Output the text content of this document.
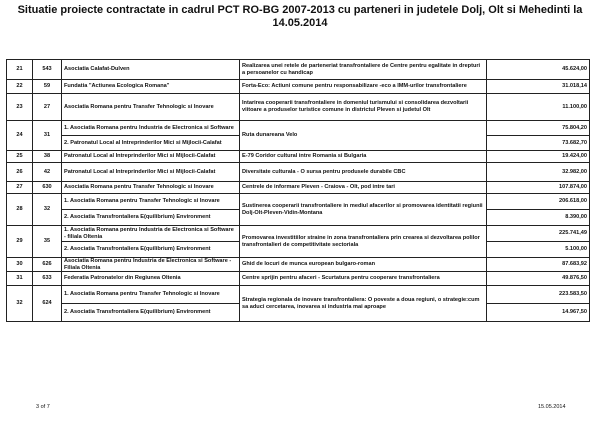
Situatie proiecte contractate in cadrul PCT RO-BG 2007-2013 cu parteneri in judetele Dolj, Olt si Mehedinti la 14.05.2014
21	543	Asociatia Calafat-Dulven	Realizarea unei retele de parteneriat transfrontaliere de Centre pentru egalitate in drepturi a persoanelor cu handicap	45.624,00
22	59	Fundatia "Actiunea Ecologica Romana"	Forta-Eco: Actiuni comune pentru responsabilizare -eco a IMM-urilor transfrontaliere	31.018,14
23	27	Asociatia Romana pentru Transfer Tehnologic si Inovare	Intarirea cooperarii transfrontaliere in domeniul turismului si consolidarea dezvoltarii viitoare a produselor turistice comune in districtul Pleven si judetul Olt	11.100,00
24	31	1. Asociatia Romana pentru Industria de Electronica si Software	Ruta dunareana Velo	75.804,20
		2. Patronatul Local al Intreprinderilor Mici si Mijlocii-Calafat		73.682,70
25	38	Patronatul Local al Intreprinderilor Mici si Mijlocii-Calafat	E-79 Coridor cultural intre Romania si Bulgaria	19.424,00
26	42	Patronatul Local al Intreprinderilor Mici si Mijlocii-Calafat	Diversitate culturala - O sursa pentru produsele durabile CBC	32.982,00
27	630	Asociatia Romana pentru Transfer Tehnologic si Inovare	Centrele de informare Pleven - Craiova - Olt, pod intre tari	107.874,00
28	32	1. Asociatia Romana pentru Transfer Tehnologic si Inovare	Sustinerea cooperarii transfrontaliere in mediul afacerilor si promovarea identitatii regiunii Dolj-Olt-Pleven-Vidin-Montana	206.618,00
		2. Asociatia Transfrontaliera E(quilibrium) Environment		8.390,00
29	35	1. Asociatia Romana pentru Industria de Electronica si Software - filiala Oltenia	Promovarea investitiilor straine in zona transfrontaliera prin crearea si dezvoltarea polilor transfrontalieri de competitivitate sectoriala	225.741,49
		2. Asociatia Transfrontaliera E(quilibrium) Environment		5.100,00
30	626	Asociatia Romana pentru Industria de Electronica si Software - Filiala Oltenia	Ghid de locuri de munca european bulgaro-roman	87.683,92
31	633	Federatia Patronatelor din Regiunea Oltenia	Centre sprijin pentru afaceri - Scurtatura pentru cooperare transfrontaliera	49.876,50
32	624	1. Asociatia Romana pentru Transfer Tehnologic si Inovare	Strategia regionala de inovare transfrontaliera: O poveste a doua regiuni, o strategie:cum sa aduci cercetarea, inovarea si industria mai aproape	223.583,50
		2. Asociatia Transfrontaliera E(quilibrium) Environment		14.967,50
3 of 7	15.05.2014
